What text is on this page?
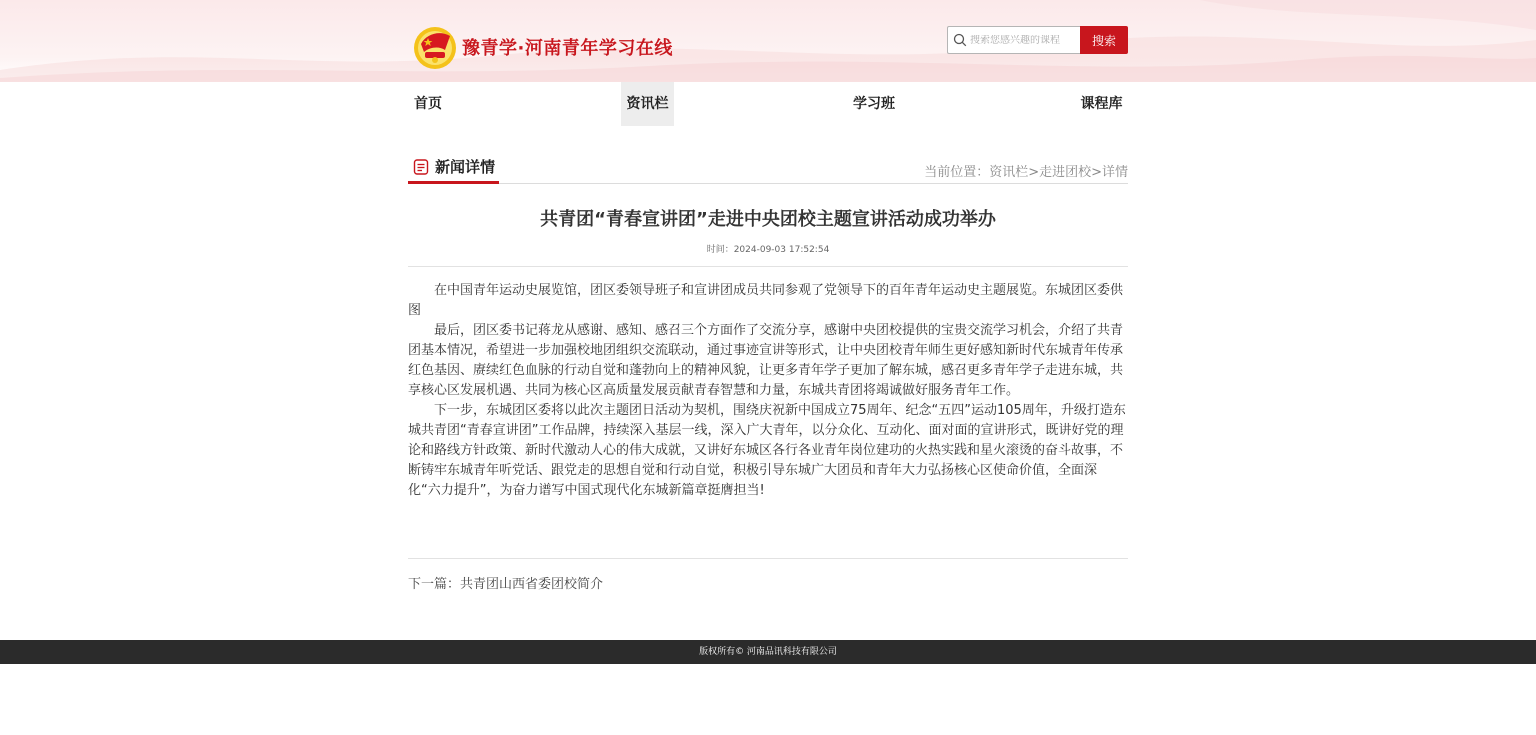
豫青学·河南青年学习在线
搜索您感兴趣的课程	搜索
首页	资讯栏	学习班	课程库
新闻详情	当前位置：资讯栏>走进团校>详情
共青团“青春宣讲团”走进中央团校主题宣讲活动成功举办
时间：2024-09-03 17:52:54

在中国青年运动史展览馆，团区委领导班子和宣讲团成员共同参观了党领导下的百年青年运动史主题展览。东城团区委供图

最后，团区委书记蒋龙从感谢、感知、感召三个方面作了交流分享，感谢中央团校提供的宝贵交流学习机会，介绍了共青团基本情况，希望进一步加强校地团组织交流联动，通过事迹宣讲等形式，让中央团校青年师生更好感知新时代东城青年传承红色基因、赓续红色血脉的行动自觉和蓬勃向上的精神风貌，让更多青年学子更加了解东城，感召更多青年学子走进东城，共享核心区发展机遇、共同为核心区高质量发展贡献青春智慧和力量，东城共青团将竭诚做好服务青年工作。

下一步，东城团区委将以此次主题团日活动为契机，围绕庆祝新中国成立75周年、纪念“五四”运动105周年，升级打造东城共青团“青春宣讲团”工作品牌，持续深入基层一线，深入广大青年，以分众化、互动化、面对面的宣讲形式，既讲好党的理论和路线方针政策、新时代激动人心的伟大成就，又讲好东城区各行各业青年岗位建功的火热实践和星火滚烫的奋斗故事，不断铸牢东城青年听党话、跟党走的思想自觉和行动自觉，积极引导东城广大团员和青年大力弘扬核心区使命价值，全面深化“六力提升”，为奋力谱写中国式现代化东城新篇章挺膺担当!

下一篇：共青团山西省委团校简介
版权所有© 河南品讯科技有限公司
